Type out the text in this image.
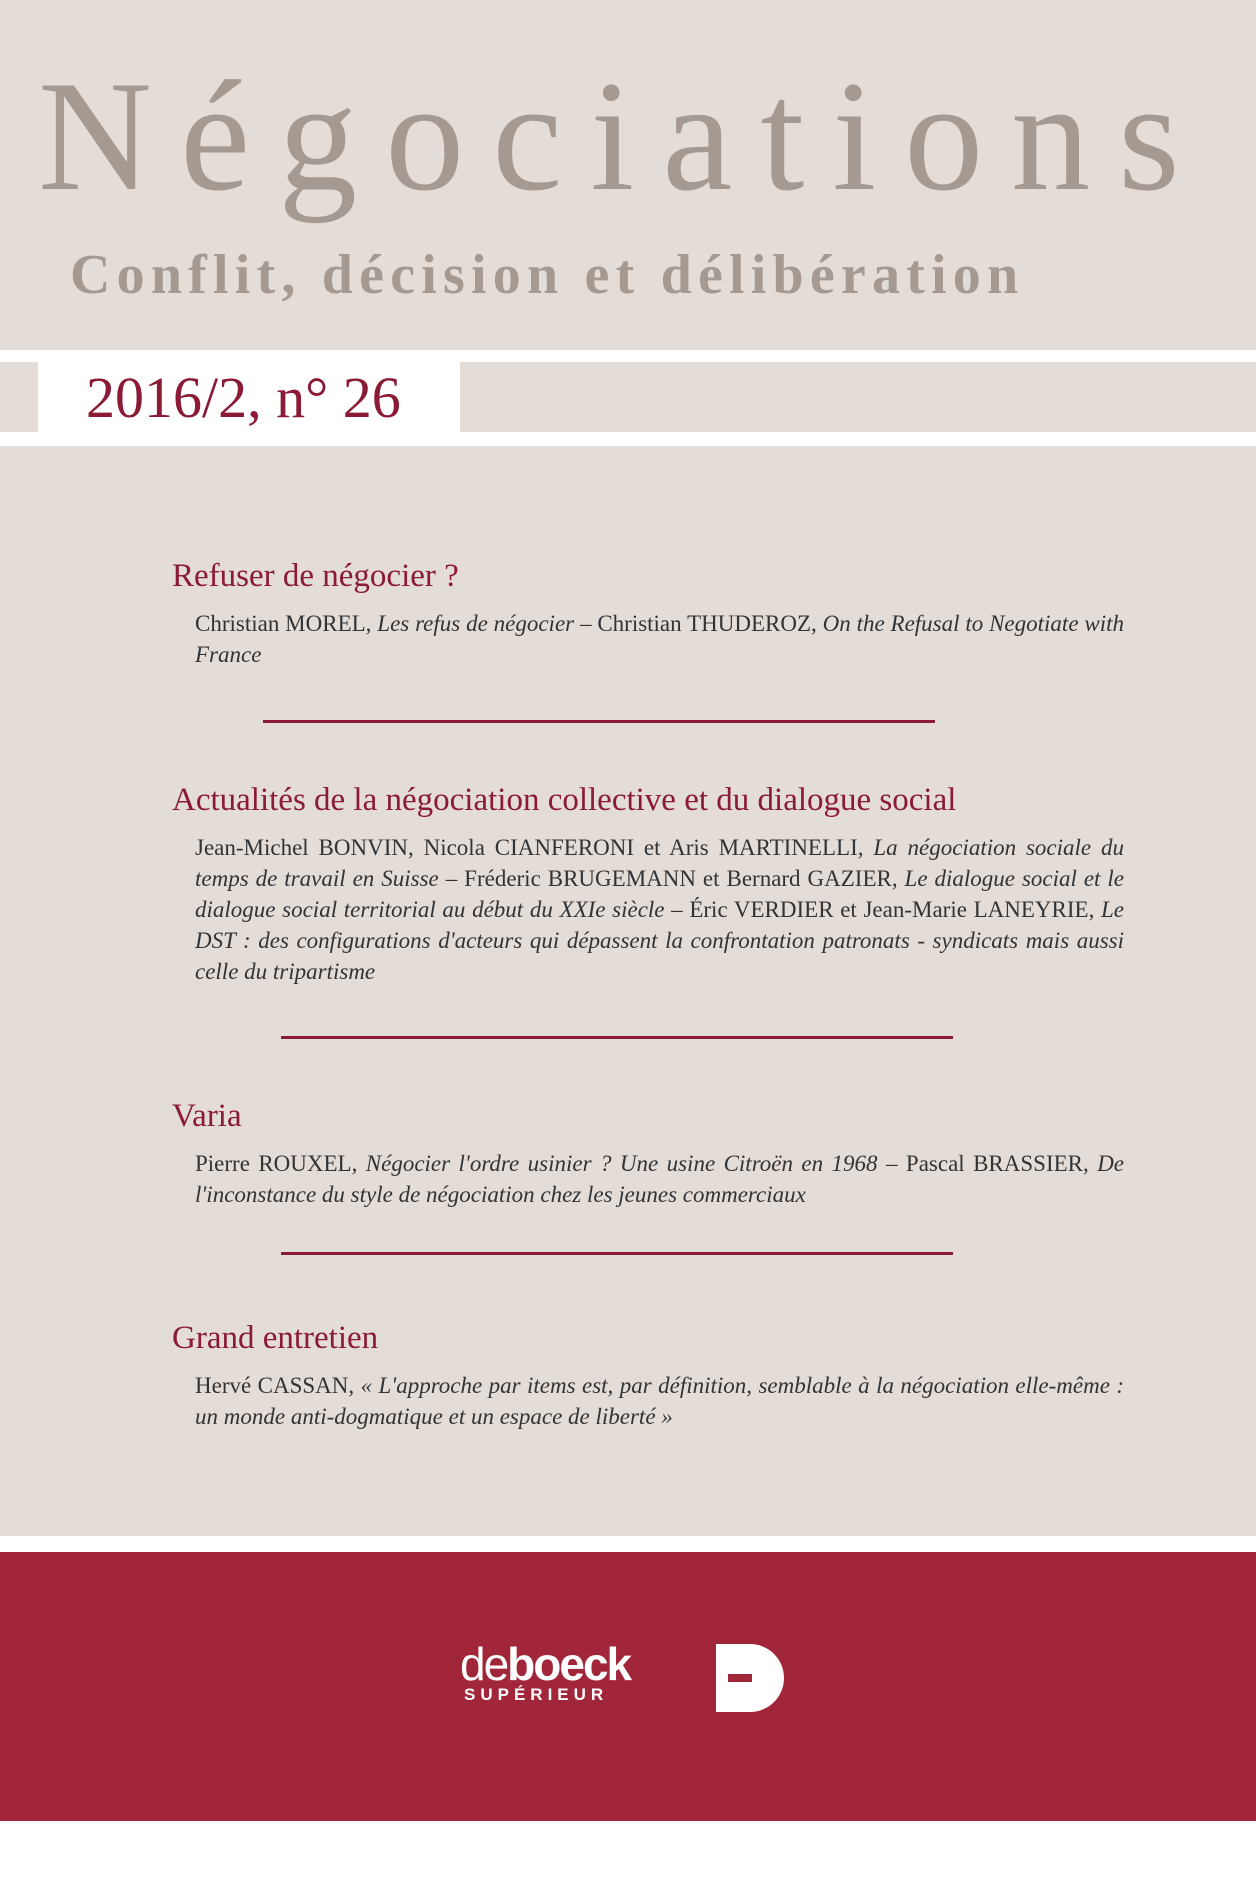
Négociations
Conflit, décision et délibération
2016/2, n° 26
Refuser de négocier ?

Christian MOREL, Les refus de négocier – Christian THUDEROZ, On the Refusal to Negotiate with France

Actualités de la négociation collective et du dialogue social

Jean-Michel BONVIN, Nicola CIANFERONI et Aris MARTINELLI, La négociation sociale du temps de travail en Suisse – Fréderic BRUGEMANN et Bernard GAZIER, Le dialogue social et le dialogue social territorial au début du XXIe siècle – Éric VERDIER et Jean-Marie LANEYRIE, Le DST : des configurations d'acteurs qui dépassent la confrontation patronats - syndicats mais aussi celle du tripartisme

Varia

Pierre ROUXEL, Négocier l'ordre usinier ? Une usine Citroën en 1968 – Pascal BRASSIER, De l'inconstance du style de négociation chez les jeunes commerciaux

Grand entretien

Hervé CASSAN, « L'approche par items est, par définition, semblable à la négociation elle-même : un monde anti-dogmatique et un espace de liberté »

deboeck
SUPÉRIEUR
